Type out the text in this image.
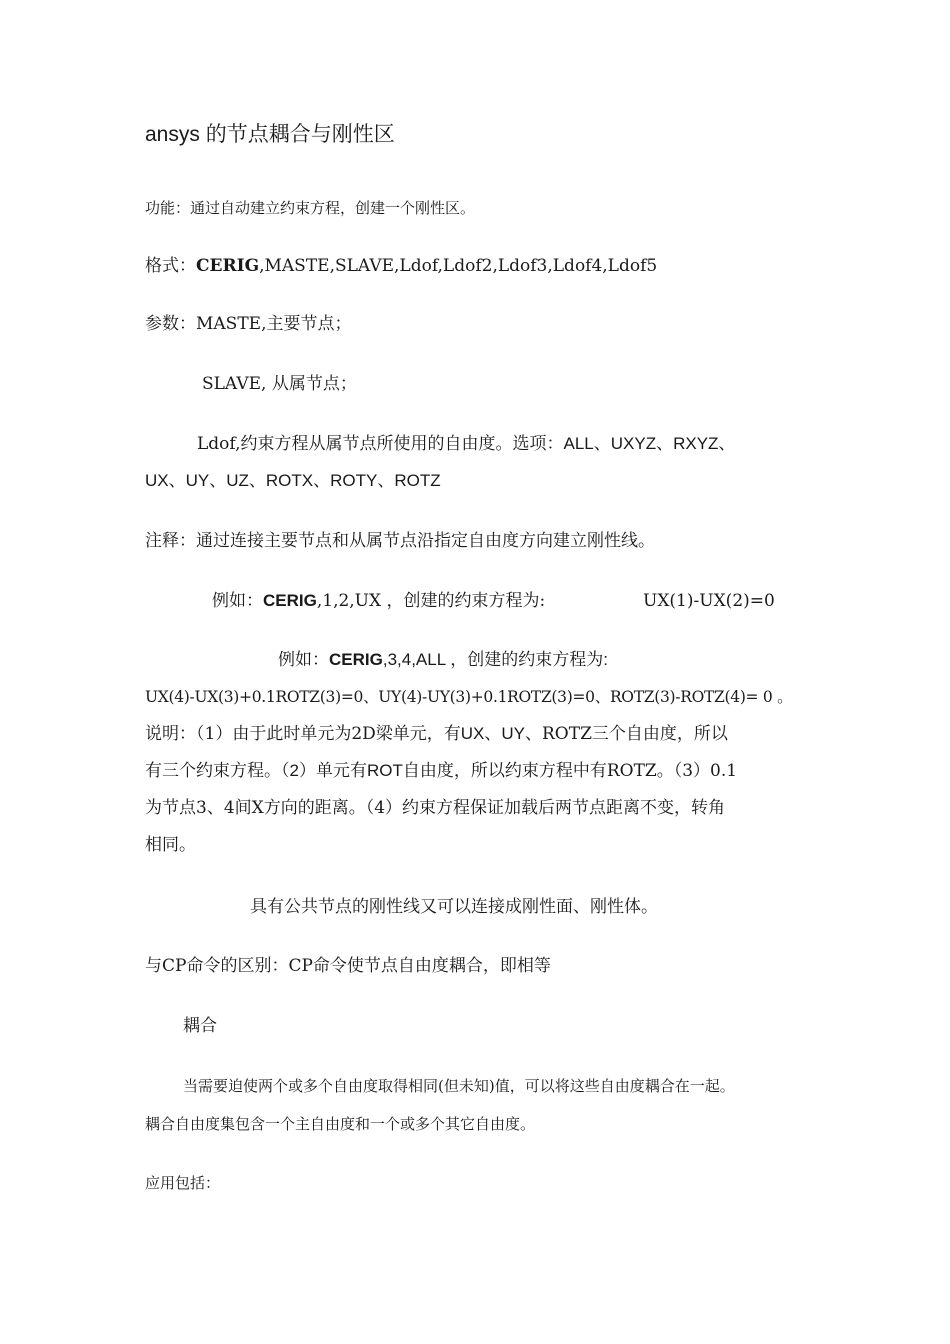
ansys 的节点耦合与刚性区
功能：通过自动建立约束方程，创建一个刚性区。
格式：CERIG,MASTE,SLAVE,Ldof,Ldof2,Ldof3,Ldof4,Ldof5
参数：MASTE,主要节点；
SLAVE, 从属节点；
Ldof,约束方程从属节点所使用的自由度。选项：ALL、UXYZ、RXYZ、
UX、UY、UZ、ROTX、ROTY、ROTZ
注释：通过连接主要节点和从属节点沿指定自由度方向建立刚性线。
例如：CERIG,1,2,UX ，创建的约束方程为:	UX(1)-UX(2)=0
例如：CERIG,3,4,ALL ，创建的约束方程为:
UX(4)-UX(3)+0.1ROTZ(3)=0、UY(4)-UY(3)+0.1ROTZ(3)=0、ROTZ(3)-ROTZ(4)= 0 。
说明：（1）由于此时单元为2D梁单元，有UX、UY、ROTZ三个自由度，所以
有三个约束方程。（2）单元有ROT自由度，所以约束方程中有ROTZ。（3）0.1
为节点3、4间X方向的距离。（4）约束方程保证加载后两节点距离不变，转角
相同。
具有公共节点的刚性线又可以连接成刚性面、刚性体。
与CP命令的区别：CP命令使节点自由度耦合，即相等
耦合
当需要迫使两个或多个自由度取得相同(但未知)值，可以将这些自由度耦合在一起。
耦合自由度集包含一个主自由度和一个或多个其它自由度。
应用包括：
